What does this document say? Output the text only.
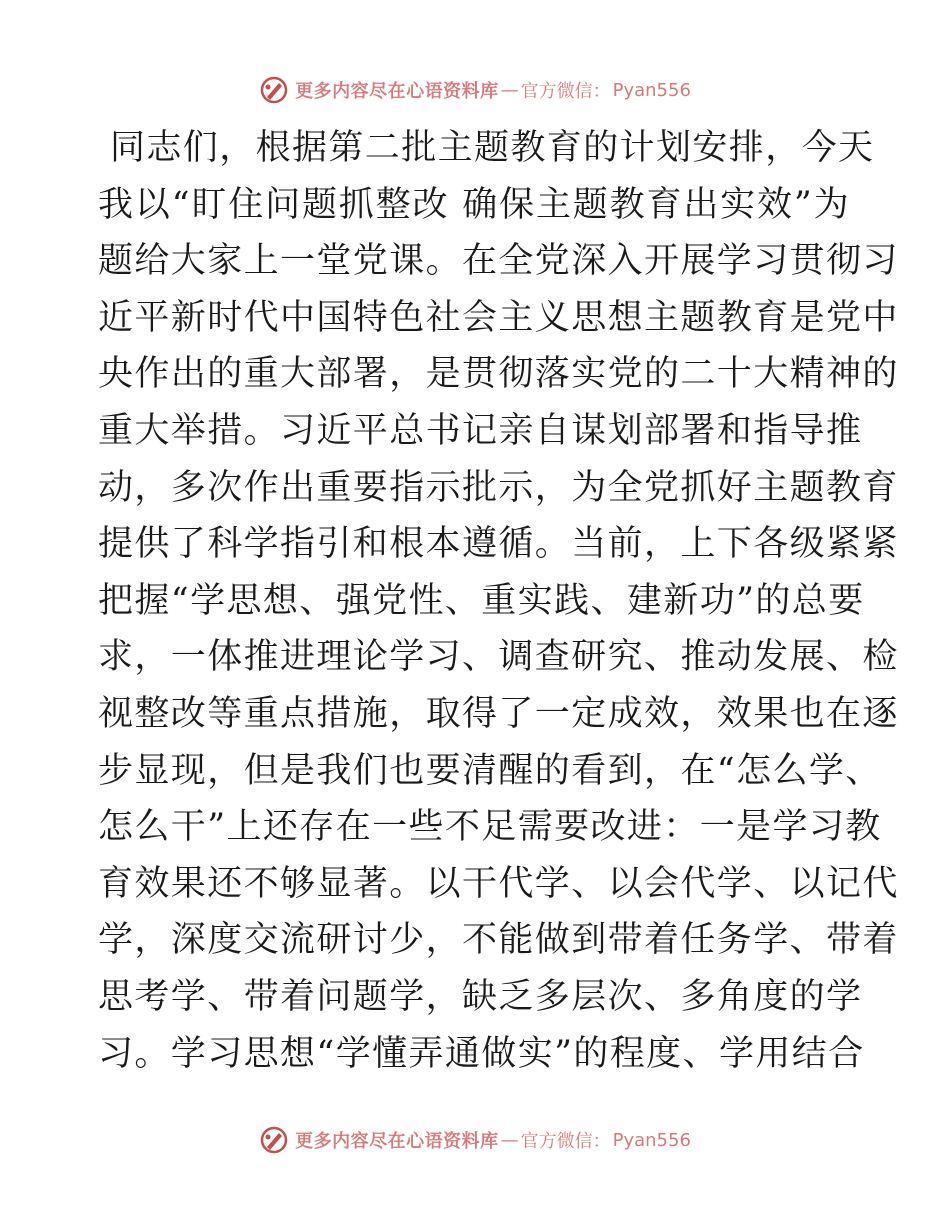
更多内容尽在心语资料库 — 官方微信： Pyan556
同志们，根据第二批主题教育的计划安排，今天
我以“盯住问题抓整改 确保主题教育出实效”为
题给大家上一堂党课。在全党深入开展学习贯彻习
近平新时代中国特色社会主义思想主题教育是党中
央作出的重大部署，是贯彻落实党的二十大精神的
重大举措。习近平总书记亲自谋划部署和指导推
动，多次作出重要指示批示，为全党抓好主题教育
提供了科学指引和根本遵循。当前，上下各级紧紧
把握“学思想、强党性、重实践、建新功”的总要
求，一体推进理论学习、调查研究、推动发展、检
视整改等重点措施，取得了一定成效，效果也在逐
步显现，但是我们也要清醒的看到，在“怎么学、
怎么干”上还存在一些不足需要改进：一是学习教
育效果还不够显著。以干代学、以会代学、以记代
学，深度交流研讨少，不能做到带着任务学、带着
思考学、带着问题学，缺乏多层次、多角度的学
习。学习思想“学懂弄通做实”的程度、学用结合
更多内容尽在心语资料库 — 官方微信： Pyan556
